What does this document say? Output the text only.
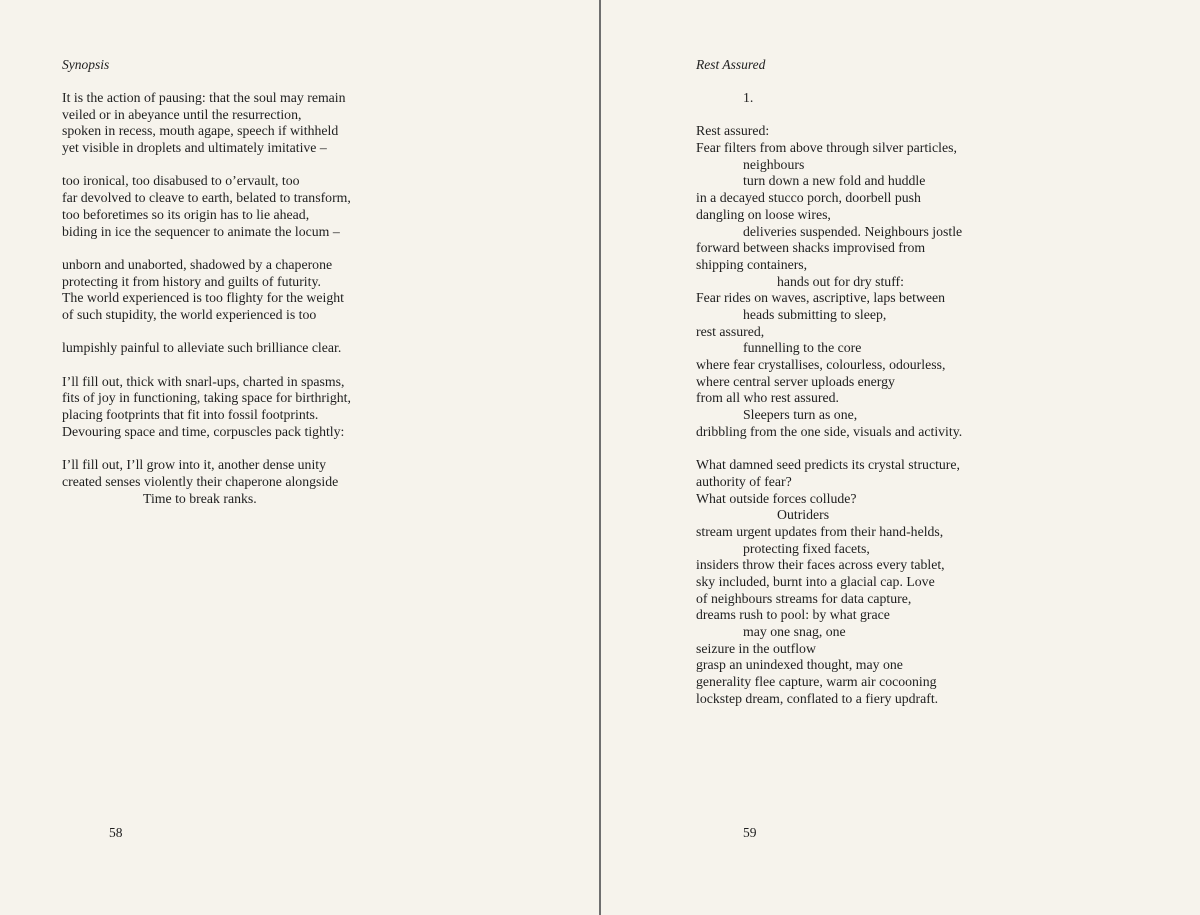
Synopsis
It is the action of pausing: that the soul may remain
veiled or in abeyance until the resurrection,
spoken in recess, mouth agape, speech if withheld
yet visible in droplets and ultimately imitative –
too ironical, too disabused to o’ervault, too
far devolved to cleave to earth, belated to transform,
too beforetimes so its origin has to lie ahead,
biding in ice the sequencer to animate the locum –
unborn and unaborted, shadowed by a chaperone
protecting it from history and guilts of futurity.
The world experienced is too flighty for the weight
of such stupidity, the world experienced is too
lumpishly painful to alleviate such brilliance clear.
I’ll fill out, thick with snarl-ups, charted in spasms,
fits of joy in functioning, taking space for birthright,
placing footprints that fit into fossil footprints.
Devouring space and time, corpuscles pack tightly:
I’ll fill out, I’ll grow into it, another dense unity
created senses violently their chaperone alongside
Time to break ranks.
58
Rest Assured
1.
Rest assured:
Fear filters from above through silver particles,
neighbours
turn down a new fold and huddle
in a decayed stucco porch, doorbell push
dangling on loose wires,
deliveries suspended. Neighbours jostle
forward between shacks improvised from
shipping containers,
hands out for dry stuff:
Fear rides on waves, ascriptive, laps between
heads submitting to sleep,
rest assured,
funnelling to the core
where fear crystallises, colourless, odourless,
where central server uploads energy
from all who rest assured.
Sleepers turn as one,
dribbling from the one side, visuals and activity.
What damned seed predicts its crystal structure,
authority of fear?
What outside forces collude?
Outriders
stream urgent updates from their hand-helds,
protecting fixed facets,
insiders throw their faces across every tablet,
sky included, burnt into a glacial cap. Love
of neighbours streams for data capture,
dreams rush to pool: by what grace
may one snag, one
seizure in the outflow
grasp an unindexed thought, may one
generality flee capture, warm air cocooning
lockstep dream, conflated to a fiery updraft.
59
